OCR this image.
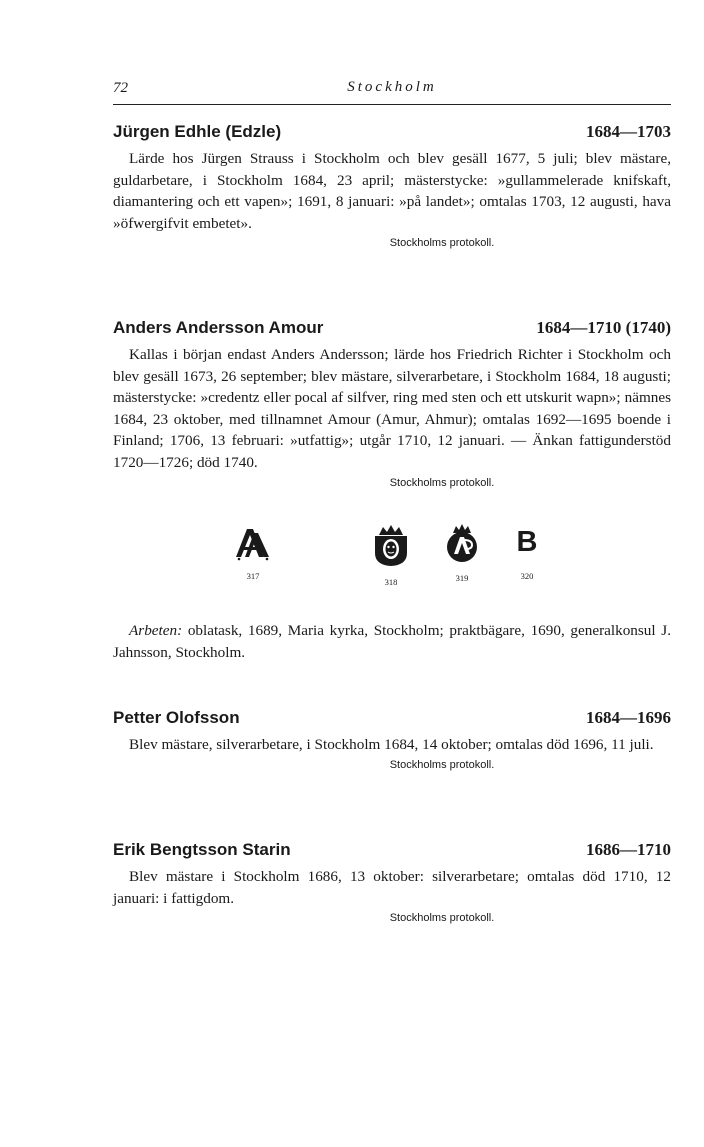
72	Stockholm
Jürgen Edhle (Edzle)	1684—1703

Lärde hos Jürgen Strauss i Stockholm och blev gesäll 1677, 5 juli; blev mästare, guldarbetare, i Stockholm 1684, 23 april; mästerstycke: »gullammelerade knifskaft, diamantering och ett vapen»; 1691, 8 januari: »på landet»; omtalas 1703, 12 augusti, hava »öfwergifvit embetet».

Stockholms protokoll.
Anders Andersson Amour	1684—1710 (1740)

Kallas i början endast Anders Andersson; lärde hos Friedrich Richter i Stockholm och blev gesäll 1673, 26 september; blev mästare, silverarbetare, i Stockholm 1684, 18 augusti; mästerstycke: »credentz eller pocal af silfver, ring med sten och ett utskurit wapn»; nämnes 1684, 23 oktober, med tillnamnet Amour (Amur, Ahmur); omtalas 1692—1695 boende i Finland; 1706, 13 februari: »utfattig»; utgår 1710, 12 januari. — Änkan fattigunderstöd 1720—1726; död 1740.

Stockholms protokoll.
317
318	319
B
320

Arbeten: oblatask, 1689, Maria kyrka, Stockholm; praktbägare, 1690, generalkonsul J. Jahnsson, Stockholm.

Petter Olofsson	1684—1696

Blev mästare, silverarbetare, i Stockholm 1684, 14 oktober; omtalas död 1696, 11 juli.

Stockholms protokoll.
Erik Bengtsson Starin	1686—1710

Blev mästare i Stockholm 1686, 13 oktober: silverarbetare; omtalas död 1710, 12 januari: i fattigdom.

Stockholms protokoll.
